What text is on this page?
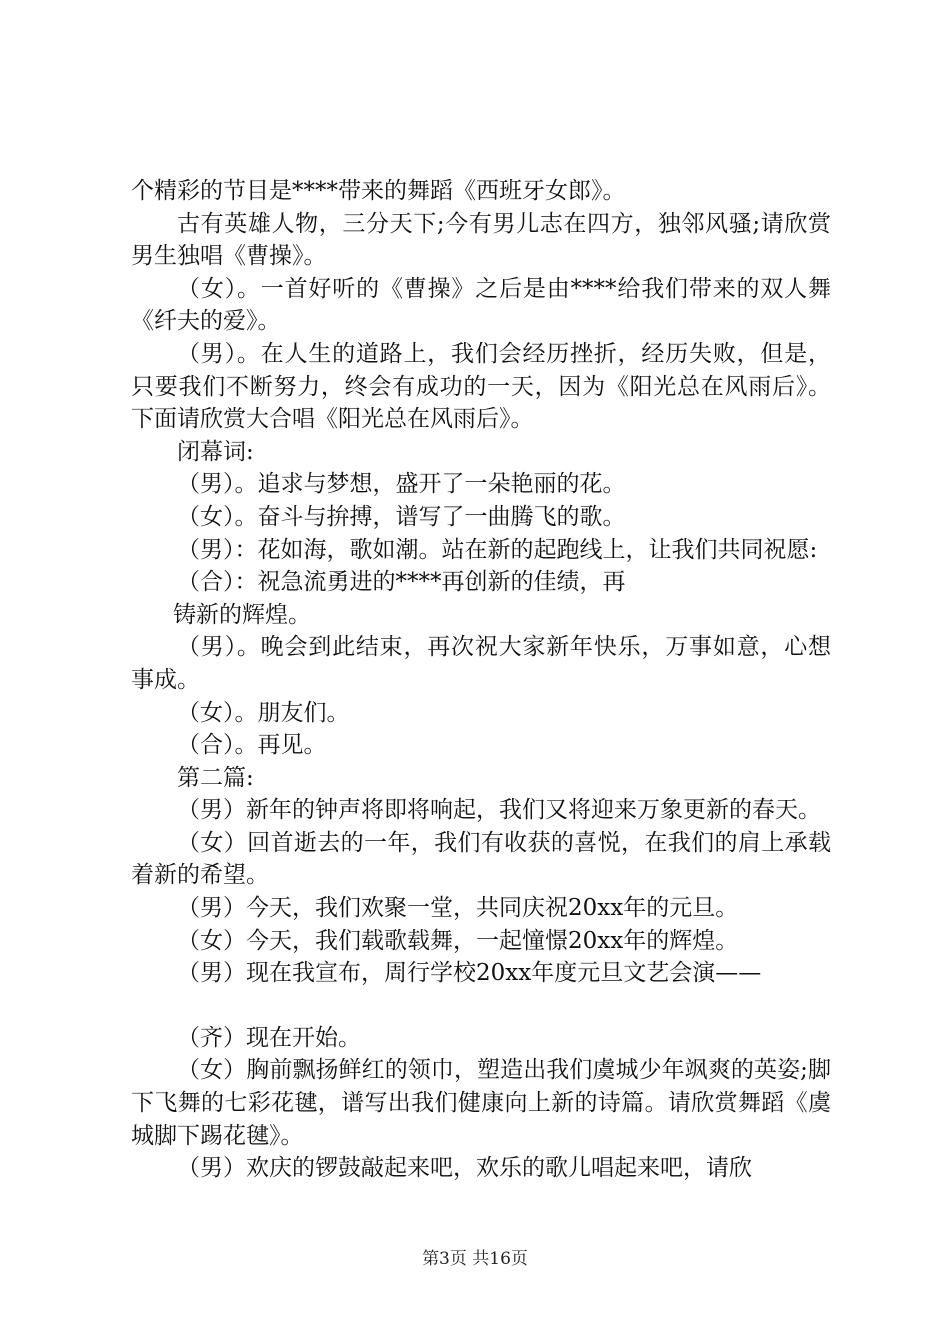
个精彩的节目是****带来的舞蹈《西班牙女郎》。

古有英雄人物，三分天下;今有男儿志在四方，独邻风骚;请欣赏男生独唱《曹操》。

（女）。一首好听的《曹操》之后是由****给我们带来的双人舞《纤夫的爱》。

（男）。在人生的道路上，我们会经历挫折，经历失败，但是，只要我们不断努力，终会有成功的一天，因为《阳光总在风雨后》。下面请欣赏大合唱《阳光总在风雨后》。

闭幕词:

（男）。追求与梦想，盛开了一朵艳丽的花。

（女）。奋斗与拚搏，谱写了一曲腾飞的歌。

（男）：花如海，歌如潮。站在新的起跑线上，让我们共同祝愿:

（合）：祝急流勇进的****再创新的佳绩，再

铸新的辉煌。

（男）。晚会到此结束，再次祝大家新年快乐，万事如意，心想事成。

（女）。朋友们。

（合）。再见。

第二篇:

（男）新年的钟声将即将响起，我们又将迎来万象更新的春天。

（女）回首逝去的一年，我们有收获的喜悦，在我们的肩上承载着新的希望。

（男）今天，我们欢聚一堂，共同庆祝20xx年的元旦。

（女）今天，我们载歌载舞，一起憧憬20xx年的辉煌。

（男）现在我宣布，周行学校20xx年度元旦文艺会演——

（齐）现在开始。

（女）胸前飘扬鲜红的领巾，塑造出我们虞城少年飒爽的英姿;脚下飞舞的七彩花毽，谱写出我们健康向上新的诗篇。请欣赏舞蹈《虞城脚下踢花毽》。

（男）欢庆的锣鼓敲起来吧，欢乐的歌儿唱起来吧，请欣

第3页 共16页
